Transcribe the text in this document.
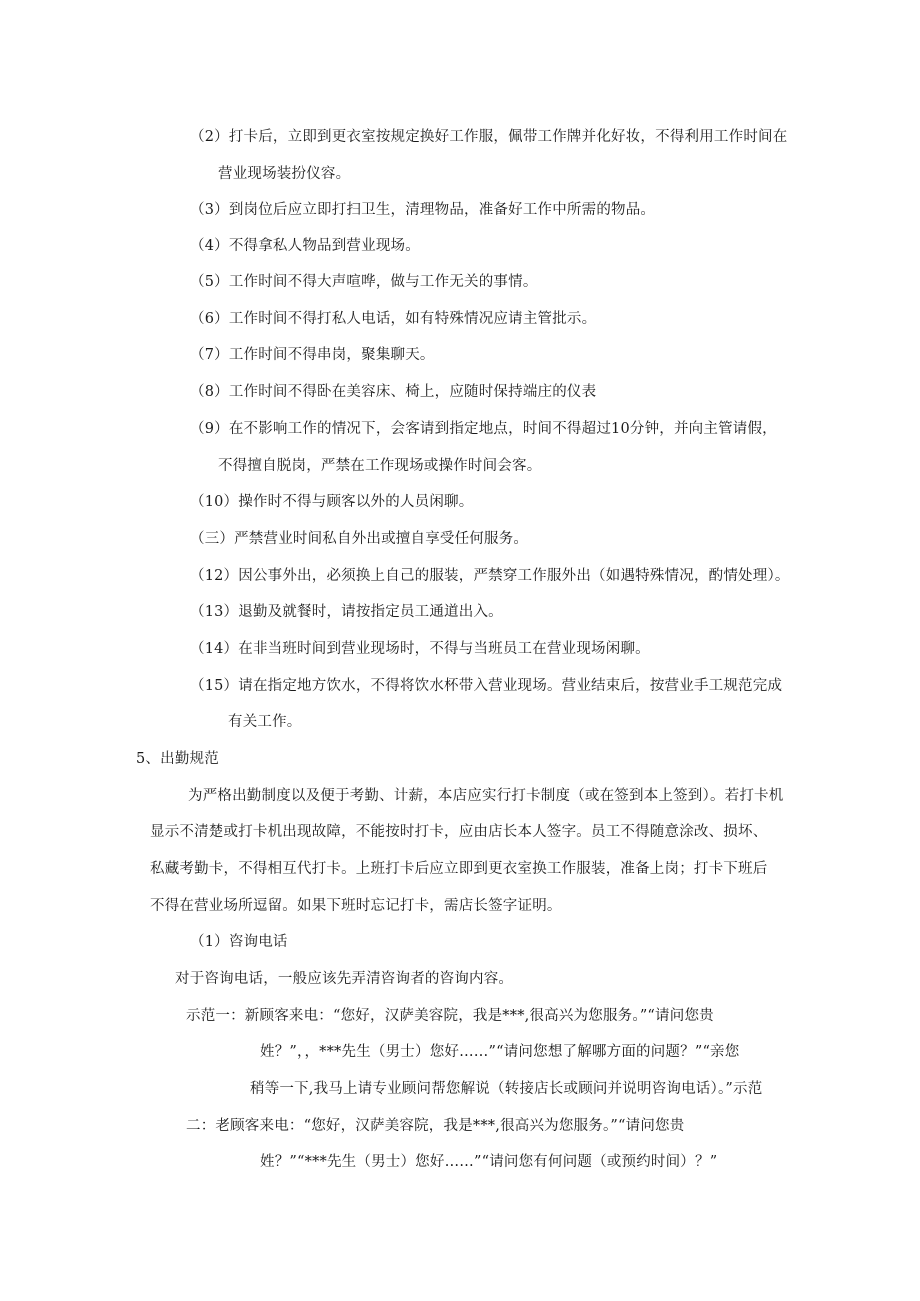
（2）打卡后，立即到更衣室按规定换好工作服，佩带工作牌并化好妆，不得利用工作时间在
营业现场装扮仪容。
（3）到岗位后应立即打扫卫生，清理物品，准备好工作中所需的物品。
（4）不得拿私人物品到营业现场。
（5）工作时间不得大声喧哗，做与工作无关的事情。
（6）工作时间不得打私人电话，如有特殊情况应请主管批示。
（7）工作时间不得串岗，聚集聊天。
（8）工作时间不得卧在美容床、椅上，应随时保持端庄的仪表
（9）在不影响工作的情况下，会客请到指定地点，时间不得超过10分钟，并向主管请假，
不得擅自脱岗，严禁在工作现场或操作时间会客。
（10）操作时不得与顾客以外的人员闲聊。
（三）严禁营业时间私自外出或擅自享受任何服务。
（12）因公事外出，必须换上自己的服装，严禁穿工作服外出（如遇特殊情况，酌情处理）。
（13）退勤及就餐时，请按指定员工通道出入。
（14）在非当班时间到营业现场时，不得与当班员工在营业现场闲聊。
（15）请在指定地方饮水，不得将饮水杯带入营业现场。营业结束后，按营业手工规范完成
有关工作。
5、出勤规范
为严格出勤制度以及便于考勤、计薪，本店应实行打卡制度（或在签到本上签到）。若打卡机
显示不清楚或打卡机出现故障，不能按时打卡，应由店长本人签字。员工不得随意涂改、损坏、
私藏考勤卡，不得相互代打卡。上班打卡后应立即到更衣室换工作服装，准备上岗；打卡下班后
不得在营业场所逗留。如果下班时忘记打卡，需店长签字证明。
（1）咨询电话
对于咨询电话，一般应该先弄清咨询者的咨询内容。
示范一：新顾客来电：“您好，汉萨美容院，我是***,很高兴为您服务。”“请问您贵
姓？”，，***先生（男士）您好……”“请问您想了解哪方面的问题？”“亲您
稍等一下,我马上请专业顾问帮您解说（转接店长或顾问并说明咨询电话）。”示范
二：老顾客来电：“您好，汉萨美容院，我是***,很高兴为您服务。”“请问您贵
姓？”“***先生（男士）您好……”“请问您有何问题（或预约时间）？”
